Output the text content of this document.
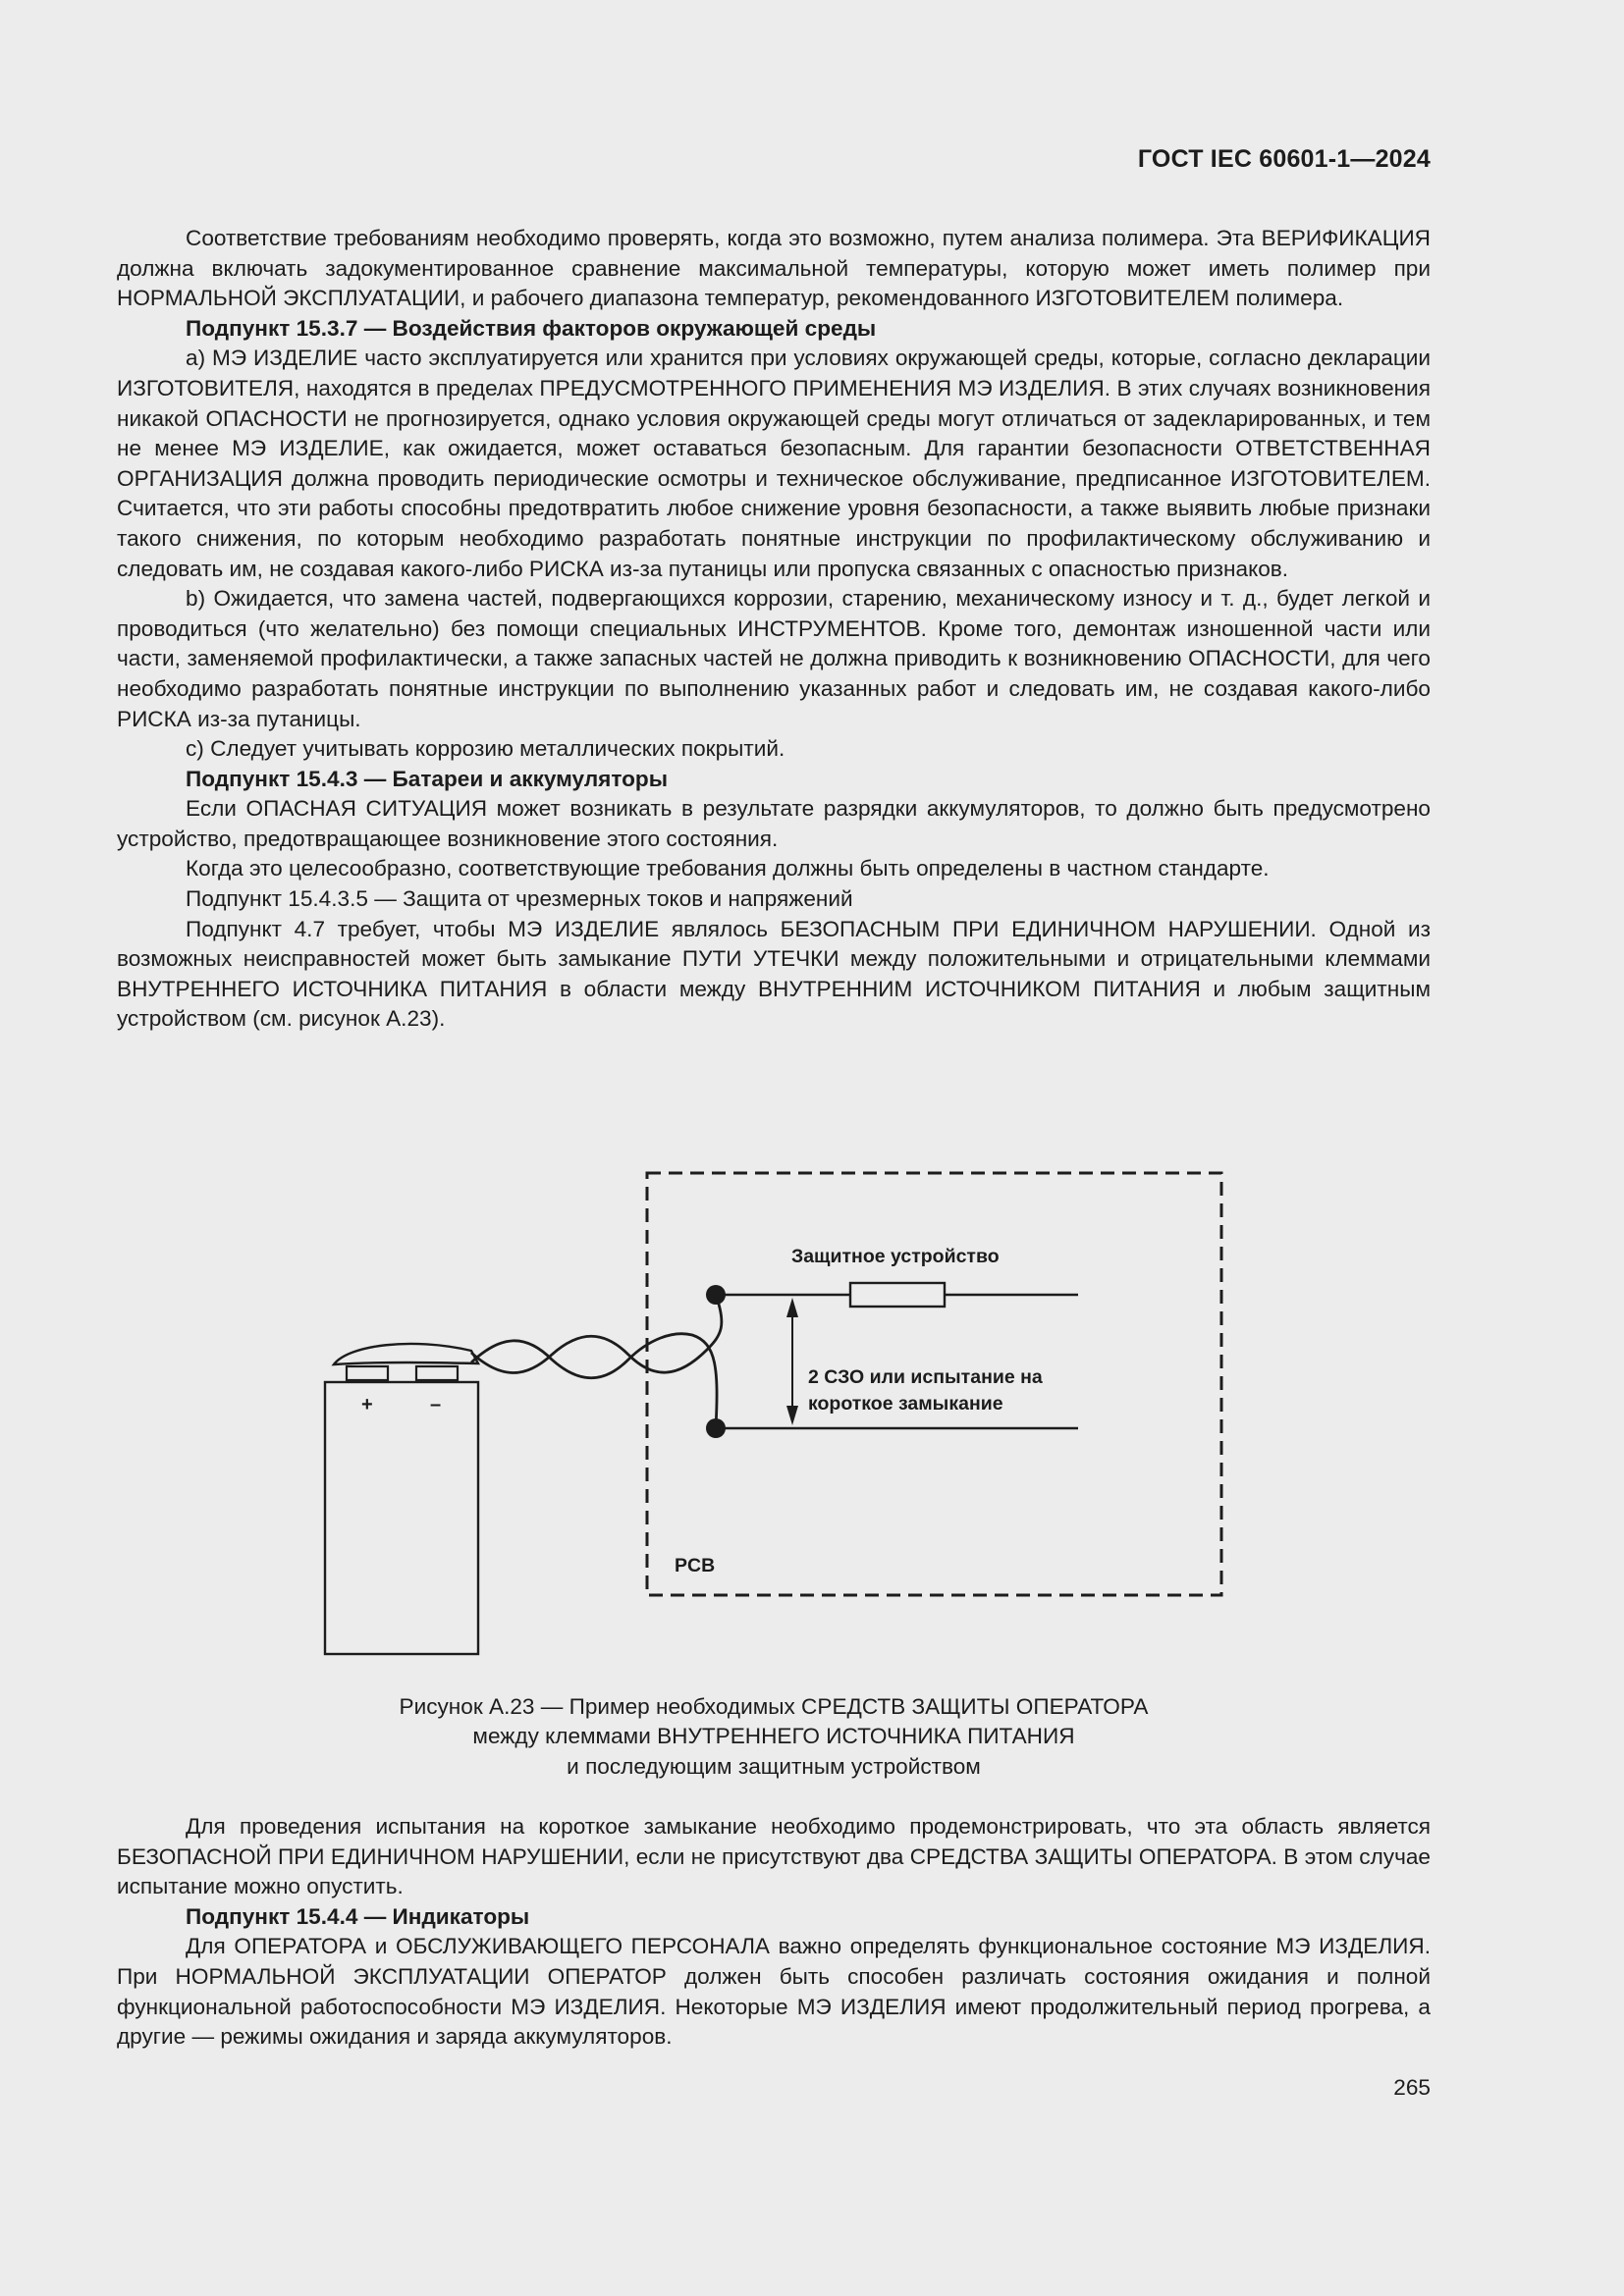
ГОСТ IEC 60601-1—2024

Соответствие требованиям необходимо проверять, когда это возможно, путем анализа полимера. Эта ВЕРИФИКАЦИЯ должна включать задокументированное сравнение максимальной температуры, которую может иметь полимер при НОРМАЛЬНОЙ ЭКСПЛУАТАЦИИ, и рабочего диапазона температур, рекомендованного ИЗГОТОВИТЕЛЕМ полимера.

Подпункт 15.3.7 — Воздействия факторов окружающей среды

a) МЭ ИЗДЕЛИЕ часто эксплуатируется или хранится при условиях окружающей среды, которые, согласно декларации ИЗГОТОВИТЕЛЯ, находятся в пределах ПРЕДУСМОТРЕННОГО ПРИМЕНЕНИЯ МЭ ИЗДЕЛИЯ. В этих случаях возникновения никакой ОПАСНОСТИ не прогнозируется, однако условия окружающей среды могут отличаться от задекларированных, и тем не менее МЭ ИЗДЕЛИЕ, как ожидается, может оставаться безопасным. Для гарантии безопасности ОТВЕТСТВЕННАЯ ОРГАНИЗАЦИЯ должна проводить периодические осмотры и техническое обслуживание, предписанное ИЗГОТОВИТЕЛЕМ. Считается, что эти работы способны предотвратить любое снижение уровня безопасности, а также выявить любые признаки такого снижения, по которым необходимо разработать понятные инструкции по профилактическому обслуживанию и следовать им, не создавая какого-либо РИСКА из-за путаницы или пропуска связанных с опасностью признаков.

b) Ожидается, что замена частей, подвергающихся коррозии, старению, механическому износу и т. д., будет легкой и проводиться (что желательно) без помощи специальных ИНСТРУМЕНТОВ. Кроме того, демонтаж изношенной части или части, заменяемой профилактически, а также запасных частей не должна приводить к возникновению ОПАСНОСТИ, для чего необходимо разработать понятные инструкции по выполнению указанных работ и следовать им, не создавая какого-либо РИСКА из-за путаницы.

c) Следует учитывать коррозию металлических покрытий.

Подпункт 15.4.3 — Батареи и аккумуляторы

Если ОПАСНАЯ СИТУАЦИЯ может возникать в результате разрядки аккумуляторов, то должно быть предусмотрено устройство, предотвращающее возникновение этого состояния.

Когда это целесообразно, соответствующие требования должны быть определены в частном стандарте.

Подпункт 15.4.3.5 — Защита от чрезмерных токов и напряжений

Подпункт 4.7 требует, чтобы МЭ ИЗДЕЛИЕ являлось БЕЗОПАСНЫМ ПРИ ЕДИНИЧНОМ НАРУШЕНИИ. Одной из возможных неисправностей может быть замыкание ПУТИ УТЕЧКИ между положительными и отрицательными клеммами ВНУТРЕННЕГО ИСТОЧНИКА ПИТАНИЯ в области между ВНУТРЕННИМ ИСТОЧНИКОМ ПИТАНИЯ и любым защитным устройством (см. рисунок А.23).

+	–
Защитное устройство
2 СЗО или испытание на
короткое замыкание
PCB
Рисунок А.23 — Пример необходимых СРЕДСТВ ЗАЩИТЫ ОПЕРАТОРА
между клеммами ВНУТРЕННЕГО ИСТОЧНИКА ПИТАНИЯ
и последующим защитным устройством

Для проведения испытания на короткое замыкание необходимо продемонстрировать, что эта область является БЕЗОПАСНОЙ ПРИ ЕДИНИЧНОМ НАРУШЕНИИ, если не присутствуют два СРЕДСТВА ЗАЩИТЫ ОПЕРАТОРА. В этом случае испытание можно опустить.

Подпункт 15.4.4 — Индикаторы

Для ОПЕРАТОРА и ОБСЛУЖИВАЮЩЕГО ПЕРСОНАЛА важно определять функциональное состояние МЭ ИЗДЕЛИЯ. При НОРМАЛЬНОЙ ЭКСПЛУАТАЦИИ ОПЕРАТОР должен быть способен различать состояния ожидания и полной функциональной работоспособности МЭ ИЗДЕЛИЯ. Некоторые МЭ ИЗДЕЛИЯ имеют продолжительный период прогрева, а другие — режимы ожидания и заряда аккумуляторов.

265
